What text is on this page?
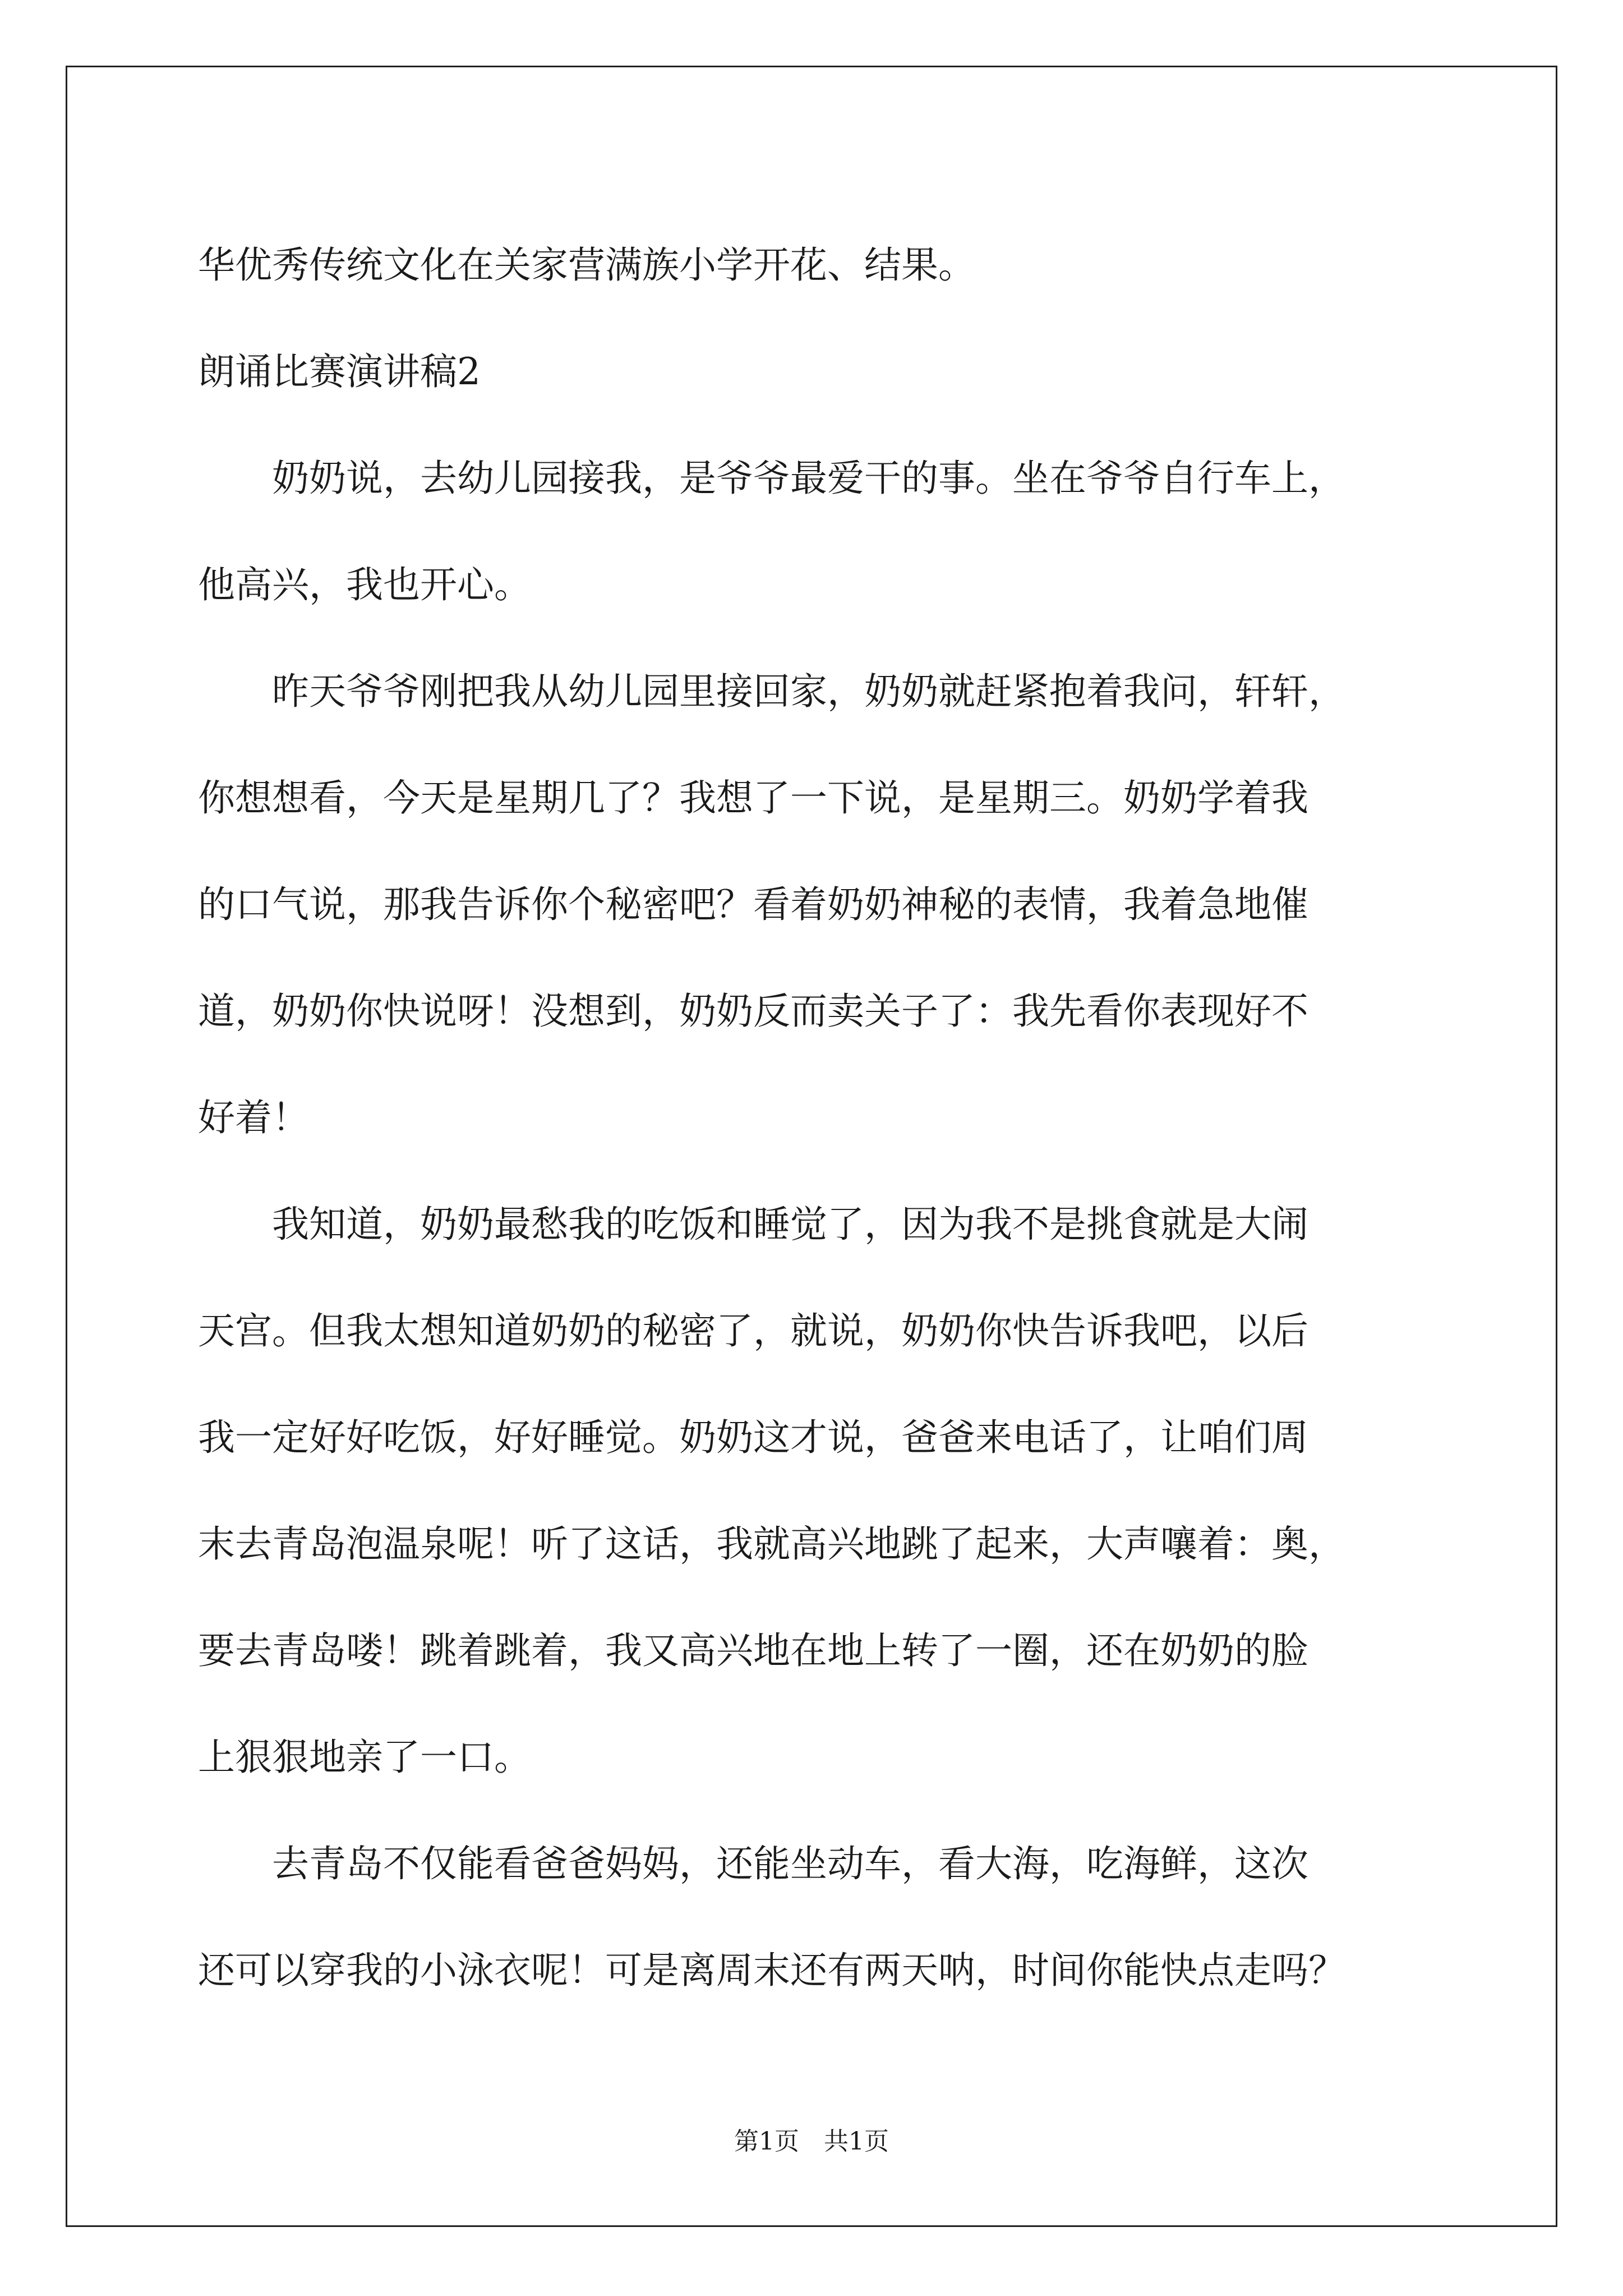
华优秀传统文化在关家营满族小学开花、结果。
朗诵比赛演讲稿2
　　奶奶说，去幼儿园接我，是爷爷最爱干的事。坐在爷爷自行车上，
他高兴，我也开心。
　　昨天爷爷刚把我从幼儿园里接回家，奶奶就赶紧抱着我问，轩轩，
你想想看，今天是星期几了？我想了一下说，是星期三。奶奶学着我
的口气说，那我告诉你个秘密吧？看着奶奶神秘的表情，我着急地催
道，奶奶你快说呀！没想到，奶奶反而卖关子了：我先看你表现好不
好着！
　　我知道，奶奶最愁我的吃饭和睡觉了，因为我不是挑食就是大闹
天宫。但我太想知道奶奶的秘密了，就说，奶奶你快告诉我吧，以后
我一定好好吃饭，好好睡觉。奶奶这才说，爸爸来电话了，让咱们周
末去青岛泡温泉呢！听了这话，我就高兴地跳了起来，大声嚷着：奥，
要去青岛喽！跳着跳着，我又高兴地在地上转了一圈，还在奶奶的脸
上狠狠地亲了一口。
　　去青岛不仅能看爸爸妈妈，还能坐动车，看大海，吃海鲜，这次
还可以穿我的小泳衣呢！可是离周末还有两天呐，时间你能快点走吗？
第1页　共1页
